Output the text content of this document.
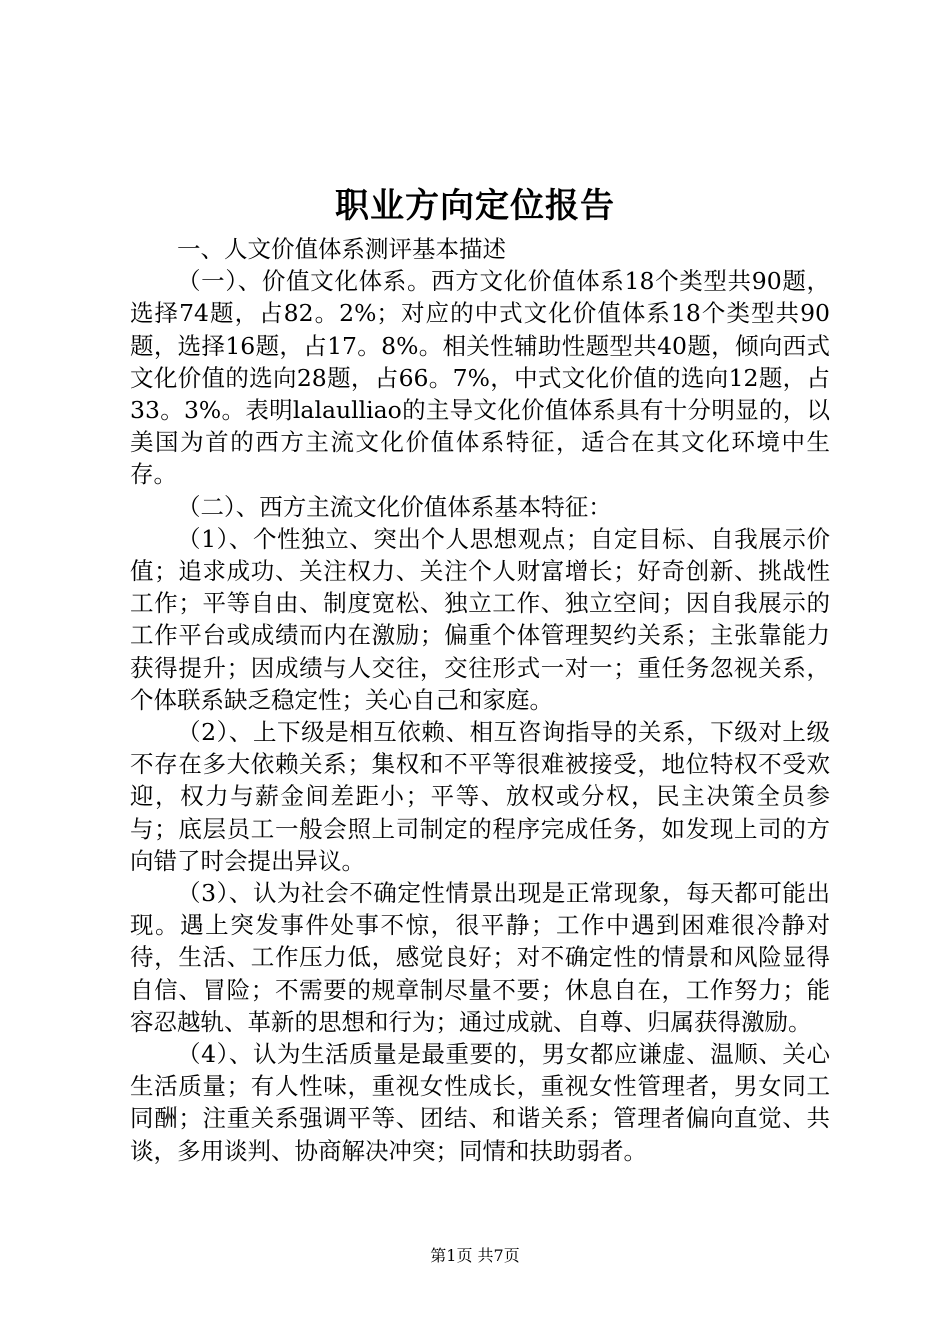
职业方向定位报告

一、人文价值体系测评基本描述

（一）、价值文化体系。西方文化价值体系18个类型共90题，选择74题，占82。2%；对应的中式文化价值体系18个类型共90题，选择16题，占17。8%。相关性辅助性题型共40题，倾向西式文化价值的选向28题，占66。7%，中式文化价值的选向12题，占33。3%。表明lalaulliao的主导文化价值体系具有十分明显的，以美国为首的西方主流文化价值体系特征，适合在其文化环境中生存。

（二）、西方主流文化价值体系基本特征：

（1）、个性独立、突出个人思想观点；自定目标、自我展示价值；追求成功、关注权力、关注个人财富增长；好奇创新、挑战性工作；平等自由、制度宽松、独立工作、独立空间；因自我展示的工作平台或成绩而内在激励；偏重个体管理契约关系；主张靠能力获得提升；因成绩与人交往，交往形式一对一；重任务忽视关系，个体联系缺乏稳定性；关心自己和家庭。

（2）、上下级是相互依赖、相互咨询指导的关系，下级对上级不存在多大依赖关系；集权和不平等很难被接受，地位特权不受欢迎，权力与薪金间差距小；平等、放权或分权，民主决策全员参与；底层员工一般会照上司制定的程序完成任务，如发现上司的方向错了时会提出异议。

（3）、认为社会不确定性情景出现是正常现象，每天都可能出现。遇上突发事件处事不惊，很平静；工作中遇到困难很冷静对待，生活、工作压力低，感觉良好；对不确定性的情景和风险显得自信、冒险；不需要的规章制尽量不要；休息自在，工作努力；能容忍越轨、革新的思想和行为；通过成就、自尊、归属获得激励。

（4）、认为生活质量是最重要的，男女都应谦虚、温顺、关心生活质量；有人性味，重视女性成长，重视女性管理者，男女同工同酬；注重关系强调平等、团结、和谐关系；管理者偏向直觉、共谈，多用谈判、协商解决冲突；同情和扶助弱者。

第1页 共7页
